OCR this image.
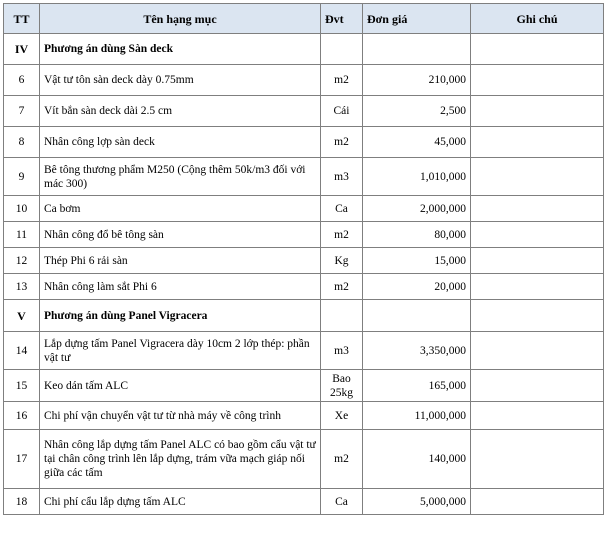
TT	Tên hạng mục	Đvt	Đơn giá	Ghi chú
IV	Phương án dùng Sàn deck			
6	Vật tư tôn sàn deck dày 0.75mm	m2	210,000	
7	Vít bắn sàn deck dài 2.5 cm	Cái	2,500	
8	Nhân công lợp sàn deck	m2	45,000	
9	Bê tông thương phẩm M250 (Cộng thêm 50k/m3 đối với mác 300)	m3	1,010,000	
10	Ca bơm	Ca	2,000,000	
11	Nhân công đổ bê tông sàn	m2	80,000	
12	Thép Phi 6 rải sàn	Kg	15,000	
13	Nhân công làm sắt Phi 6	m2	20,000	
V	Phương án dùng Panel Vigracera			
14	Lắp dựng tấm Panel Vigracera dày 10cm 2 lớp thép: phần vật tư	m3	3,350,000	
15	Keo dán tấm ALC	Bao 25kg	165,000	
16	Chi phí vận chuyển vật tư từ nhà máy về công trình	Xe	11,000,000	
17	Nhân công lắp dựng tấm Panel ALC có bao gồm cẩu vật tư tại chân công trình lên lắp dựng, trám vữa mạch giáp nối giữa các tấm	m2	140,000	
18	Chi phí cẩu lắp dựng tấm ALC	Ca	5,000,000	
